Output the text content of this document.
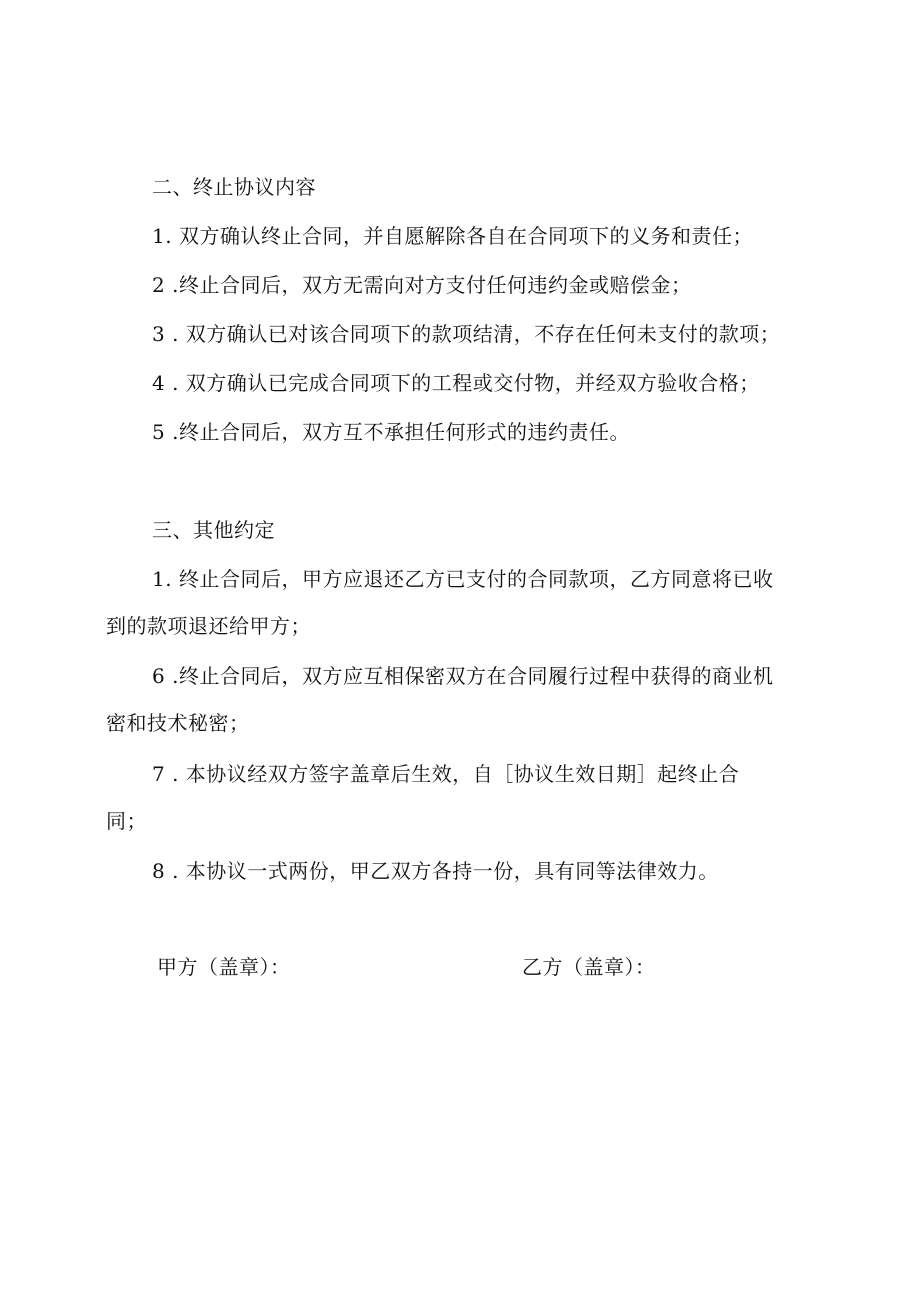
二、终止协议内容
1. 双方确认终止合同，并自愿解除各自在合同项下的义务和责任；
2 .终止合同后，双方无需向对方支付任何违约金或赔偿金；
3 . 双方确认已对该合同项下的款项结清，不存在任何未支付的款项；
4 . 双方确认已完成合同项下的工程或交付物，并经双方验收合格；
5 .终止合同后，双方互不承担任何形式的违约责任。
三、其他约定
1. 终止合同后，甲方应退还乙方已支付的合同款项，乙方同意将已收
到的款项退还给甲方；
6 .终止合同后，双方应互相保密双方在合同履行过程中获得的商业机
密和技术秘密；
7 . 本协议经双方签字盖章后生效，自［协议生效日期］起终止合
同；
8 . 本协议一式两份，甲乙双方各持一份，具有同等法律效力。
甲方（盖章）：	乙方（盖章）：
